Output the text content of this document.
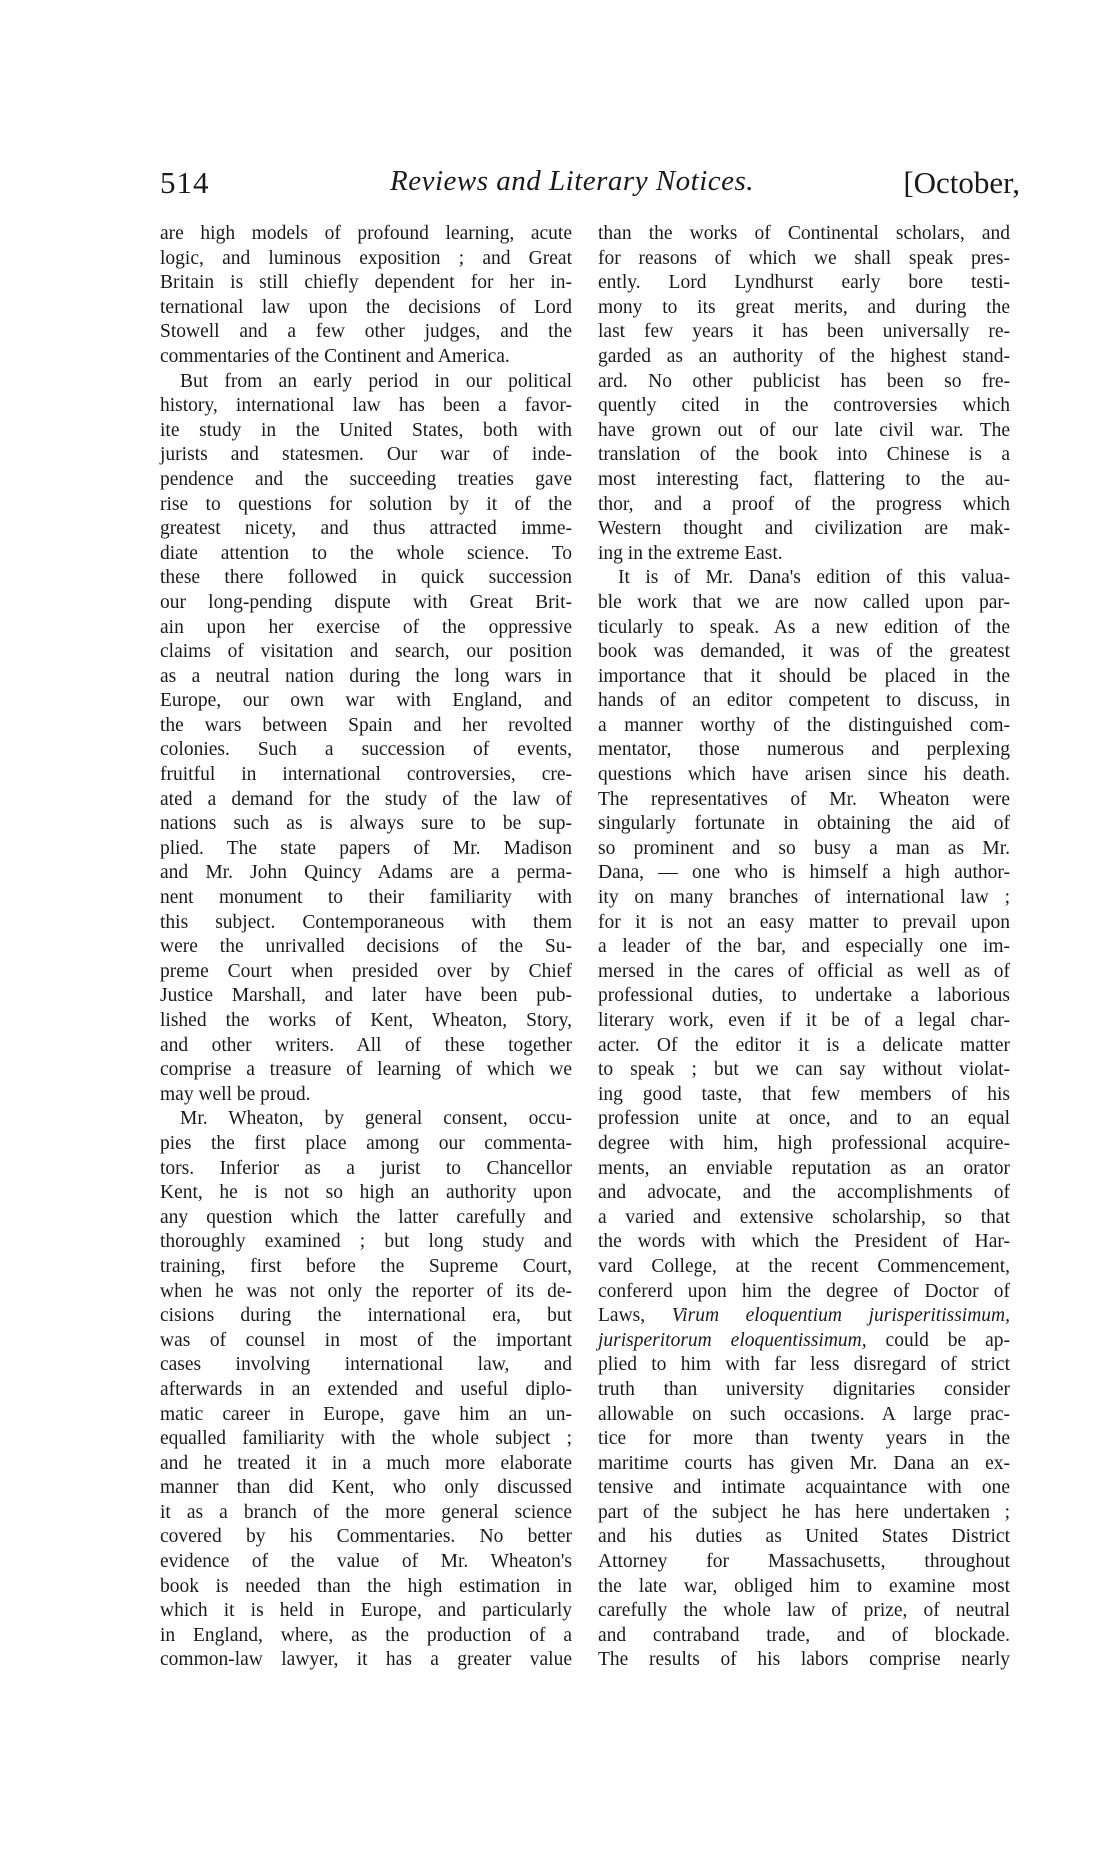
514	Reviews and Literary Notices.	[October,
are high models of profound learning, acute
logic, and luminous exposition ; and Great
Britain is still chiefly dependent for her in-
ternational law upon the decisions of Lord
Stowell and a few other judges, and the
commentaries of the Continent and America.
But from an early period in our political
history, international law has been a favor-
ite study in the United States, both with
jurists and statesmen. Our war of inde-
pendence and the succeeding treaties gave
rise to questions for solution by it of the
greatest nicety, and thus attracted imme-
diate attention to the whole science. To
these there followed in quick succession
our long-pending dispute with Great Brit-
ain upon her exercise of the oppressive
claims of visitation and search, our position
as a neutral nation during the long wars in
Europe, our own war with England, and
the wars between Spain and her revolted
colonies. Such a succession of events,
fruitful in international controversies, cre-
ated a demand for the study of the law of
nations such as is always sure to be sup-
plied. The state papers of Mr. Madison
and Mr. John Quincy Adams are a perma-
nent monument to their familiarity with
this subject. Contemporaneous with them
were the unrivalled decisions of the Su-
preme Court when presided over by Chief
Justice Marshall, and later have been pub-
lished the works of Kent, Wheaton, Story,
and other writers. All of these together
comprise a treasure of learning of which we
may well be proud.
Mr. Wheaton, by general consent, occu-
pies the first place among our commenta-
tors. Inferior as a jurist to Chancellor
Kent, he is not so high an authority upon
any question which the latter carefully and
thoroughly examined ; but long study and
training, first before the Supreme Court,
when he was not only the reporter of its de-
cisions during the international era, but
was of counsel in most of the important
cases involving international law, and
afterwards in an extended and useful diplo-
matic career in Europe, gave him an un-
equalled familiarity with the whole subject ;
and he treated it in a much more elaborate
manner than did Kent, who only discussed
it as a branch of the more general science
covered by his Commentaries. No better
evidence of the value of Mr. Wheaton's
book is needed than the high estimation in
which it is held in Europe, and particularly
in England, where, as the production of a
common-law lawyer, it has a greater value
than the works of Continental scholars, and
for reasons of which we shall speak pres-
ently. Lord Lyndhurst early bore testi-
mony to its great merits, and during the
last few years it has been universally re-
garded as an authority of the highest stand-
ard. No other publicist has been so fre-
quently cited in the controversies which
have grown out of our late civil war. The
translation of the book into Chinese is a
most interesting fact, flattering to the au-
thor, and a proof of the progress which
Western thought and civilization are mak-
ing in the extreme East.
It is of Mr. Dana's edition of this valua-
ble work that we are now called upon par-
ticularly to speak. As a new edition of the
book was demanded, it was of the greatest
importance that it should be placed in the
hands of an editor competent to discuss, in
a manner worthy of the distinguished com-
mentator, those numerous and perplexing
questions which have arisen since his death.
The representatives of Mr. Wheaton were
singularly fortunate in obtaining the aid of
so prominent and so busy a man as Mr.
Dana, — one who is himself a high author-
ity on many branches of international law ;
for it is not an easy matter to prevail upon
a leader of the bar, and especially one im-
mersed in the cares of official as well as of
professional duties, to undertake a laborious
literary work, even if it be of a legal char-
acter. Of the editor it is a delicate matter
to speak ; but we can say without violat-
ing good taste, that few members of his
profession unite at once, and to an equal
degree with him, high professional acquire-
ments, an enviable reputation as an orator
and advocate, and the accomplishments of
a varied and extensive scholarship, so that
the words with which the President of Har-
vard College, at the recent Commencement,
confererd upon him the degree of Doctor of
Laws, Virum eloquentium jurisperitissimum,
jurisperitorum eloquentissimum, could be ap-
plied to him with far less disregard of strict
truth than university dignitaries consider
allowable on such occasions. A large prac-
tice for more than twenty years in the
maritime courts has given Mr. Dana an ex-
tensive and intimate acquaintance with one
part of the subject he has here undertaken ;
and his duties as United States District
Attorney for Massachusetts, throughout
the late war, obliged him to examine most
carefully the whole law of prize, of neutral
and contraband trade, and of blockade.
The results of his labors comprise nearly
